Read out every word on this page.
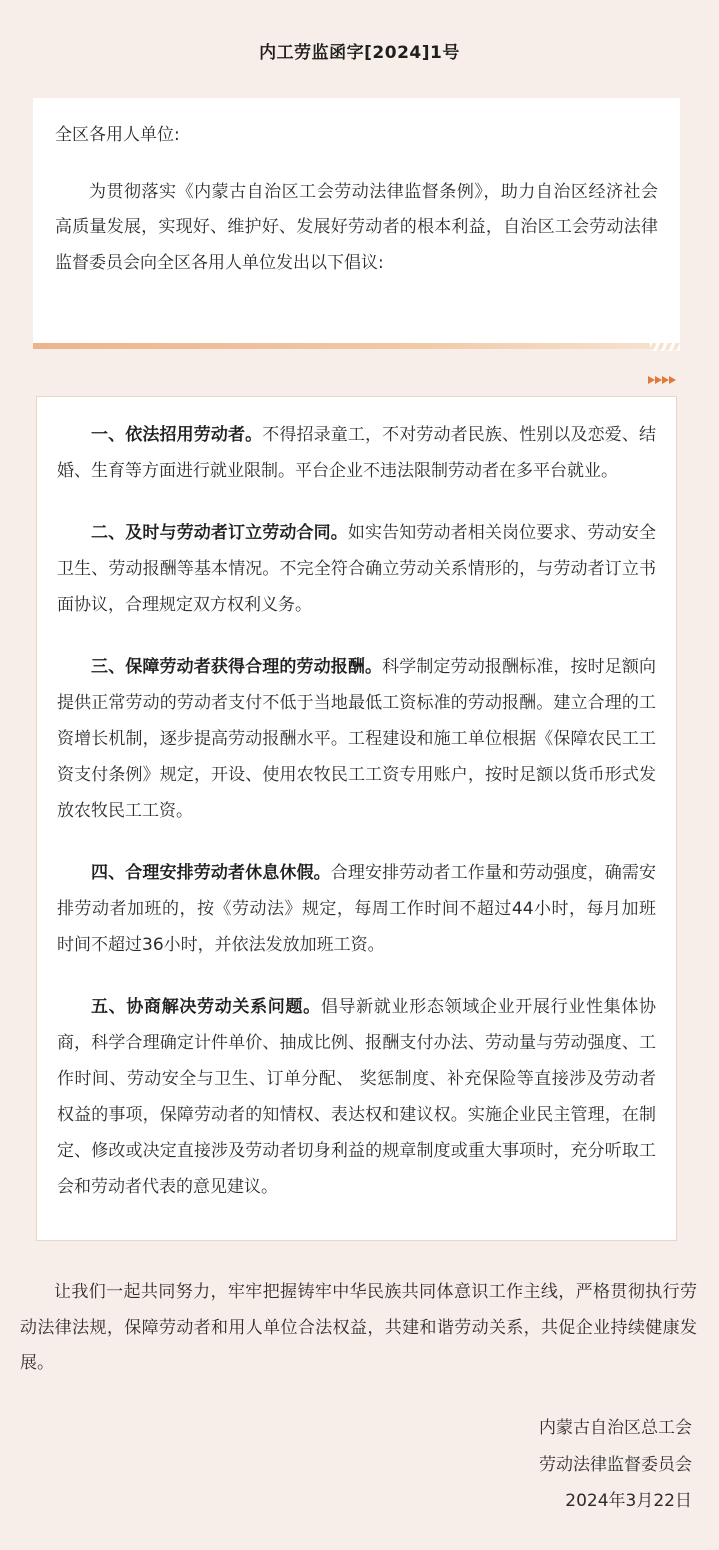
内工劳监函字[2024]1号

全区各用人单位:

为贯彻落实《内蒙古自治区工会劳动法律监督条例》，助力自治区经济社会高质量发展，实现好、维护好、发展好劳动者的根本利益，自治区工会劳动法律监督委员会向全区各用人单位发出以下倡议:

一、依法招用劳动者。不得招录童工，不对劳动者民族、性别以及恋爱、结婚、生育等方面进行就业限制。平台企业不违法限制劳动者在多平台就业。

二、及时与劳动者订立劳动合同。如实告知劳动者相关岗位要求、劳动安全卫生、劳动报酬等基本情况。不完全符合确立劳动关系情形的，与劳动者订立书面协议，合理规定双方权利义务。

三、保障劳动者获得合理的劳动报酬。科学制定劳动报酬标准，按时足额向提供正常劳动的劳动者支付不低于当地最低工资标准的劳动报酬。建立合理的工资增长机制，逐步提高劳动报酬水平。工程建设和施工单位根据《保障农民工工资支付条例》规定，开设、使用农牧民工工资专用账户，按时足额以货币形式发放农牧民工工资。

四、合理安排劳动者休息休假。合理安排劳动者工作量和劳动强度，确需安排劳动者加班的，按《劳动法》规定，每周工作时间不超过44小时，每月加班时间不超过36小时，并依法发放加班工资。

五、协商解决劳动关系问题。倡导新就业形态领域企业开展行业性集体协商，科学合理确定计件单价、抽成比例、报酬支付办法、劳动量与劳动强度、工作时间、劳动安全与卫生、订单分配、 奖惩制度、补充保险等直接涉及劳动者权益的事项，保障劳动者的知情权、表达权和建议权。实施企业民主管理，在制定、修改或决定直接涉及劳动者切身利益的规章制度或重大事项时，充分听取工会和劳动者代表的意见建议。

让我们一起共同努力，牢牢把握铸牢中华民族共同体意识工作主线，严格贯彻执行劳动法律法规，保障劳动者和用人单位合法权益，共建和谐劳动关系，共促企业持续健康发展。

内蒙古自治区总工会
劳动法律监督委员会
2024年3月22日
